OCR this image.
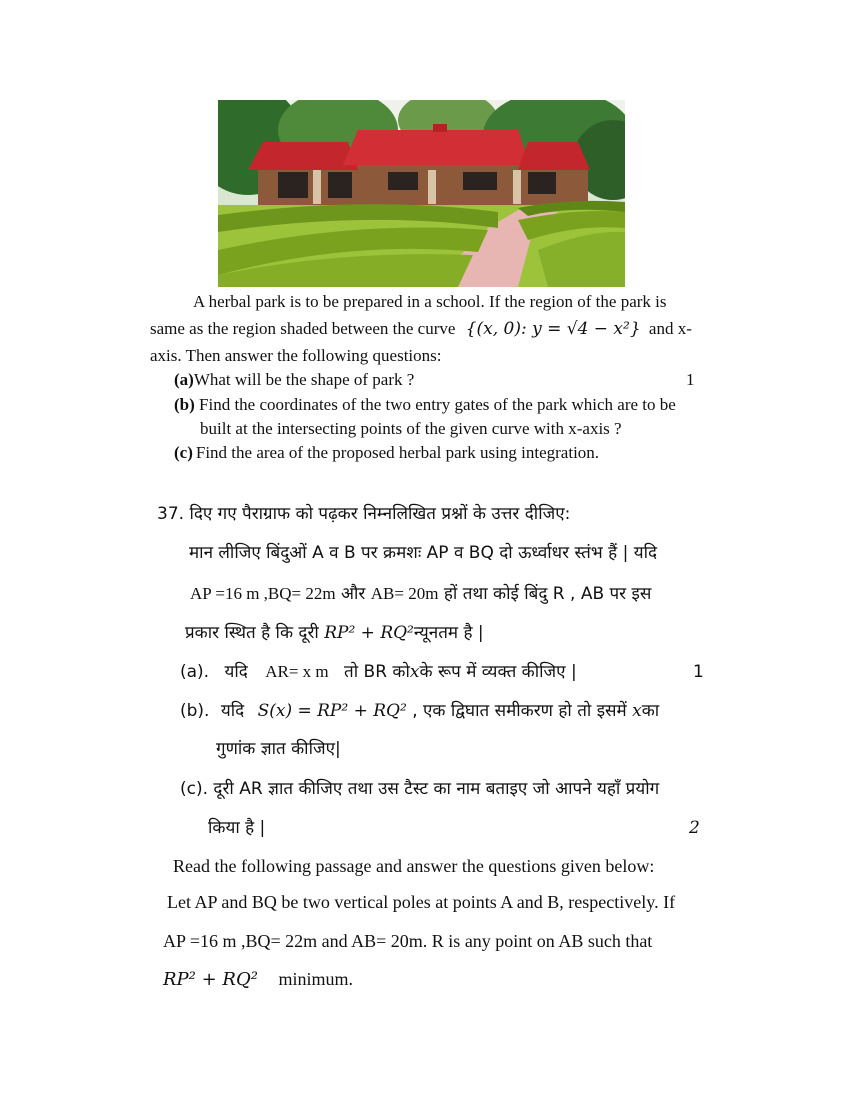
A herbal park is to be prepared in a school. If the region of the park is
same as the region shaded between the curve {(x, 0): y = √4 − x²} and x-
axis. Then answer the following questions:
(a)What will be the shape of park ?	1
(b) Find the coordinates of the two entry gates of the park which are to be
built at the intersecting points of the given curve with x-axis ?
(c) Find the area of the proposed herbal park using integration.
37. दिए गए पैराग्राफ को पढ़कर निम्नलिखित प्रश्नों के उत्तर दीजिए:
मान लीजिए बिंदुओं A व B पर क्रमशः AP व BQ दो ऊर्ध्वाधर स्तंभ हैं | यदि
AP =16 m ,BQ= 22m और AB= 20m हों तथा कोई बिंदु R , AB पर इस
प्रकार स्थित है कि दूरी RP² + RQ²न्यूनतम है |
(a). यदि AR= x m तो BR कोxके रूप में व्यक्त कीजिए |	1
(b). यदि S(x) = RP² + RQ² , एक द्विघात समीकरण हो तो इसमें xका
गुणांक ज्ञात कीजिए|
(c). दूरी AR ज्ञात कीजिए तथा उस टैस्ट का नाम बताइए जो आपने यहाँ प्रयोग
किया है |	2
Read the following passage and answer the questions given below:
Let AP and BQ be two vertical poles at points A and B, respectively. If
AP =16 m ,BQ= 22m and AB= 20m. R is any point on AB such that
RP² + RQ² minimum.
